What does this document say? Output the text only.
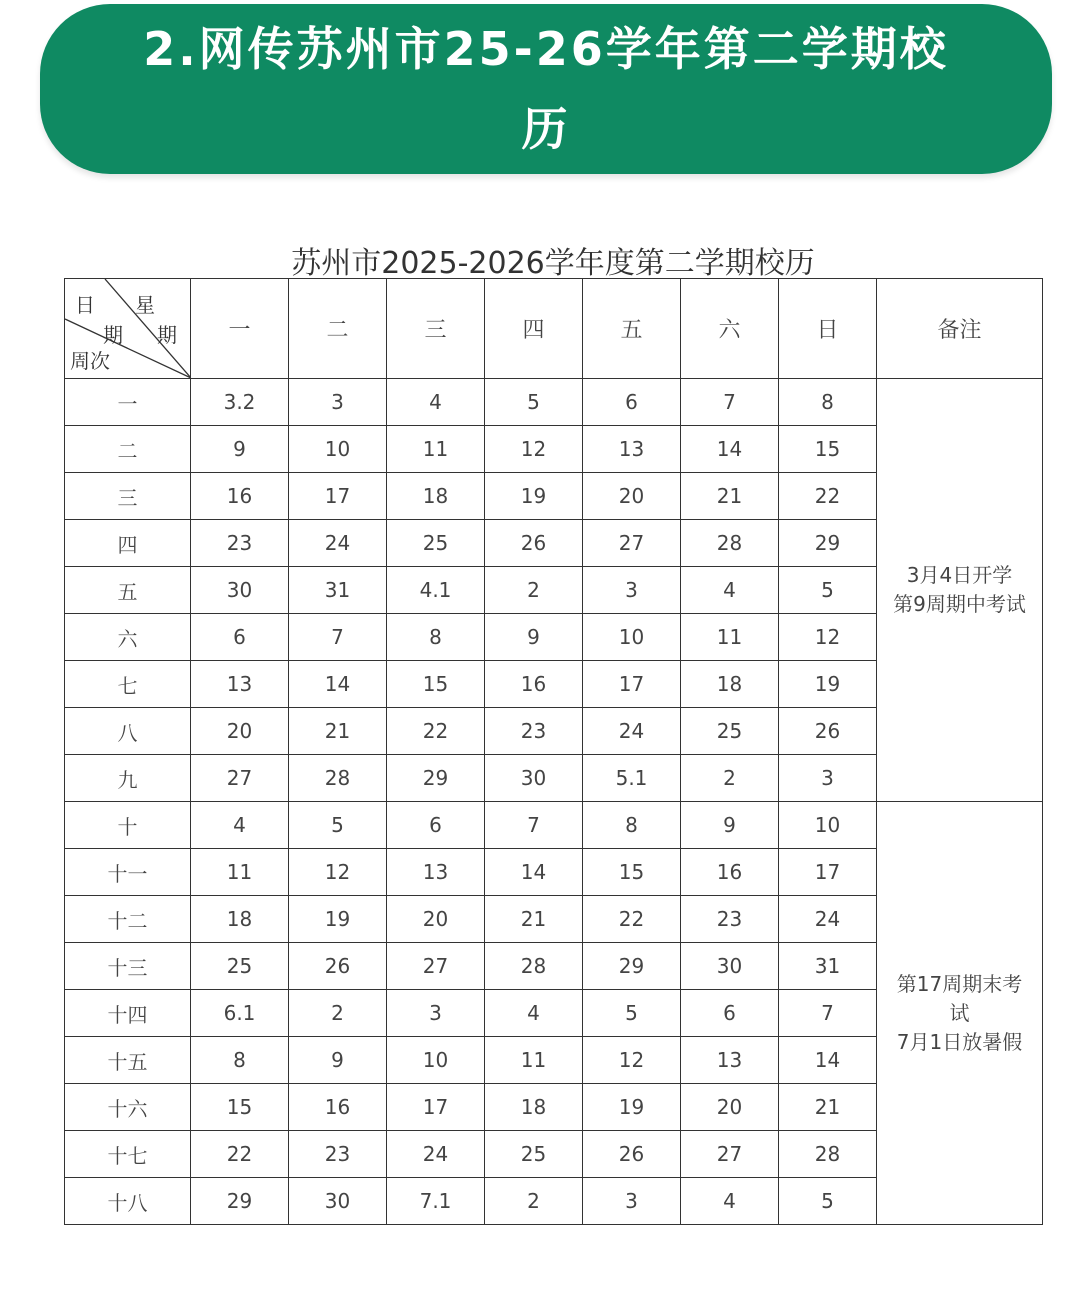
2.网传苏州市25-26学年第二学期校
历
苏州市2025-2026学年度第二学期校历
日
期
周次
星
期	一	二	三	四	五	六	日	备注
一	3.2	3	4	5	6	7	8	3月4日开学
第9周期中考试

二	9	10	11	12	13	14	15	
三	16	17	18	19	20	21	22	
四	23	24	25	26	27	28	29	
五	30	31	4.1	2	3	4	5	
六	6	7	8	9	10	11	12	
七	13	14	15	16	17	18	19	
八	20	21	22	23	24	25	26	
九	27	28	29	30	5.1	2	3	
十	4	5	6	7	8	9	10	第17周期末考
试
7月1日放暑假

十一	11	12	13	14	15	16	17	
十二	18	19	20	21	22	23	24	
十三	25	26	27	28	29	30	31	
十四	6.1	2	3	4	5	6	7	
十五	8	9	10	11	12	13	14	
十六	15	16	17	18	19	20	21	
十七	22	23	24	25	26	27	28	
十八	29	30	7.1	2	3	4	5	
